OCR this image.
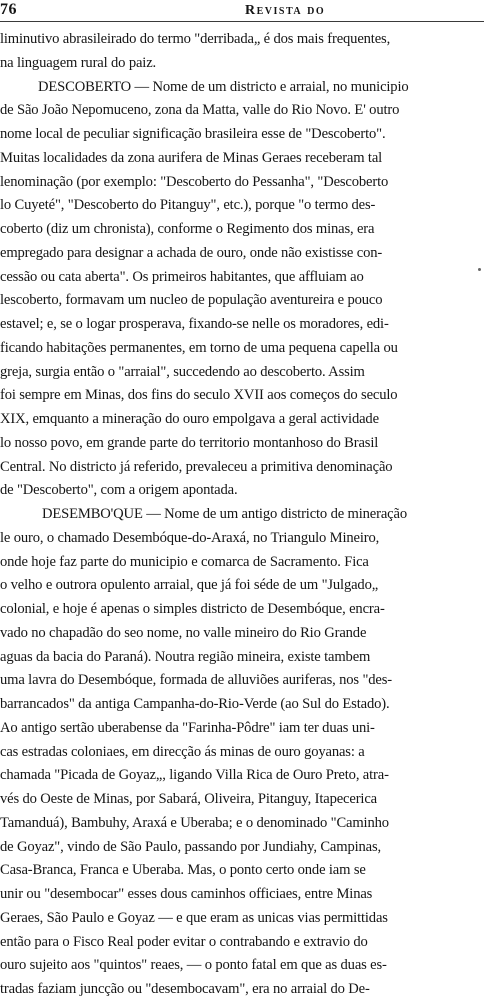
76	Revista do
liminutivo abrasileirado do termo "derribada„ é dos mais frequentes,
na linguagem rural do paiz.
DESCOBERTO — Nome de um districto e arraial, no municipio
de São João Nepomuceno, zona da Matta, valle do Rio Novo. E' outro
nome local de peculiar significação brasileira esse de "Descoberto".
Muitas localidades da zona aurifera de Minas Geraes receberam tal
lenominação (por exemplo: "Descoberto do Pessanha", "Descoberto
lo Cuyeté", "Descoberto do Pitanguy", etc.), porque "o termo des-
coberto (diz um chronista), conforme o Regimento dos minas, era
empregado para designar a achada de ouro, onde não existisse con-
cessão ou cata aberta". Os primeiros habitantes, que affluiam ao
lescoberto, formavam um nucleo de população aventureira e pouco
estavel; e, se o logar prosperava, fixando-se nelle os moradores, edi-
ficando habitações permanentes, em torno de uma pequena capella ou
greja, surgia então o "arraial", succedendo ao descoberto. Assim
foi sempre em Minas, dos fins do seculo XVII aos começos do seculo
XIX, emquanto a mineração do ouro empolgava a geral actividade
lo nosso povo, em grande parte do territorio montanhoso do Brasil
Central. No districto já referido, prevaleceu a primitiva denominação
de "Descoberto", com a origem apontada.
DESEMBO'QUE — Nome de um antigo districto de mineração
le ouro, o chamado Desembóque-do-Araxá, no Triangulo Mineiro,
onde hoje faz parte do municipio e comarca de Sacramento. Fica
o velho e outrora opulento arraial, que já foi séde de um "Julgado„
colonial, e hoje é apenas o simples districto de Desembóque, encra-
vado no chapadão do seo nome, no valle mineiro do Rio Grande
aguas da bacia do Paraná). Noutra região mineira, existe tambem
uma lavra do Desembóque, formada de alluviões auriferas, nos "des-
barrancados" da antiga Campanha-do-Rio-Verde (ao Sul do Estado).
Ao antigo sertão uberabense da "Farinha-Pôdre" iam ter duas uni-
cas estradas coloniaes, em direcção ás minas de ouro goyanas: a
chamada "Picada de Goyaz„, ligando Villa Rica de Ouro Preto, atra-
vés do Oeste de Minas, por Sabará, Oliveira, Pitanguy, Itapecerica
Tamanduá), Bambuhy, Araxá e Uberaba; e o denominado "Caminho
de Goyaz", vindo de São Paulo, passando por Jundiahy, Campinas,
Casa-Branca, Franca e Uberaba. Mas, o ponto certo onde iam se
unir ou "desembocar" esses dous caminhos officiaes, entre Minas
Geraes, São Paulo e Goyaz — e que eram as unicas vias permittidas
então para o Fisco Real poder evitar o contrabando e extravio do
ouro sujeito aos "quintos" reaes, — o ponto fatal em que as duas es-
tradas faziam juncção ou "desembocavam", era no arraial do De-
